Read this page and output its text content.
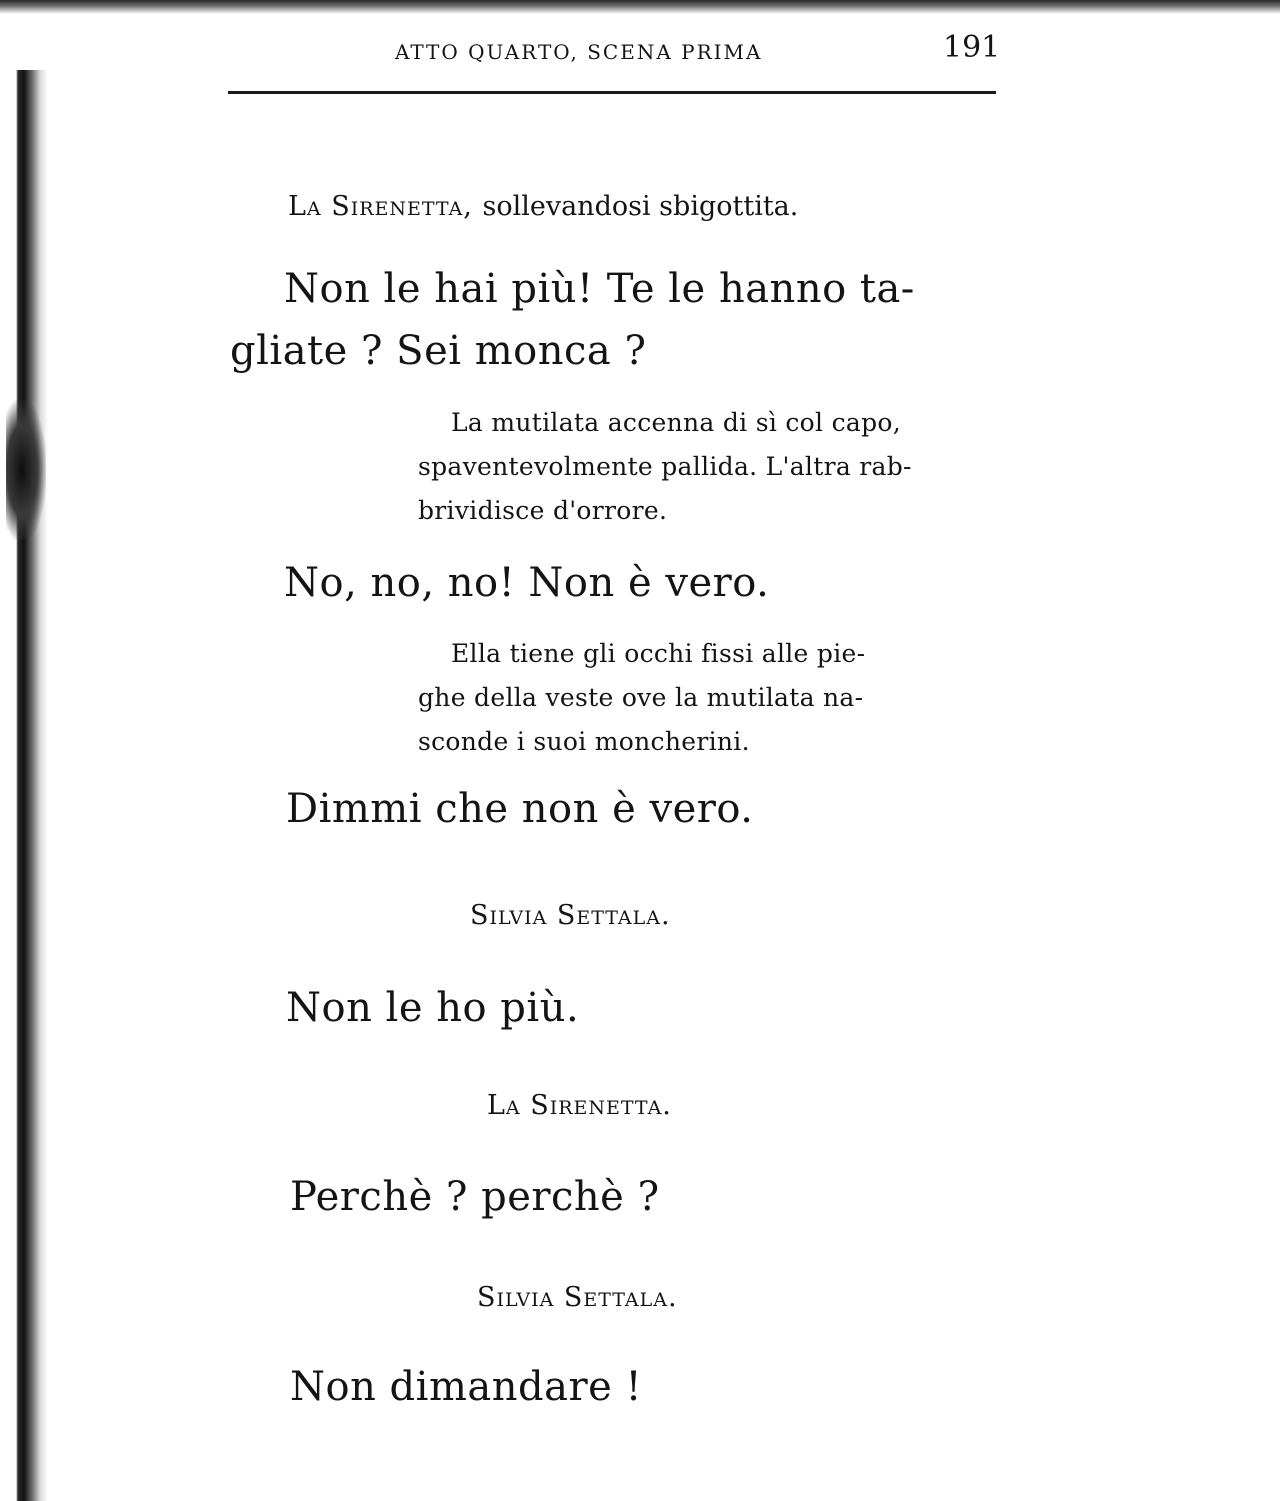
ATTO QUARTO, SCENA PRIMA	191
La Sirenetta, sollevandosi sbigottita.
Non le hai più! Te le hanno ta-
gliate ? Sei monca ?
La mutilata accenna di sì col capo,
spaventevolmente pallida. L'altra rab-
brividisce d'orrore.
No, no, no! Non è vero.
Ella tiene gli occhi fissi alle pie-
ghe della veste ove la mutilata na-
sconde i suoi moncherini.
Dimmi che non è vero.
Silvia Settala.
Non le ho più.
La Sirenetta.
Perchè ? perchè ?
Silvia Settala.
Non dimandare !
